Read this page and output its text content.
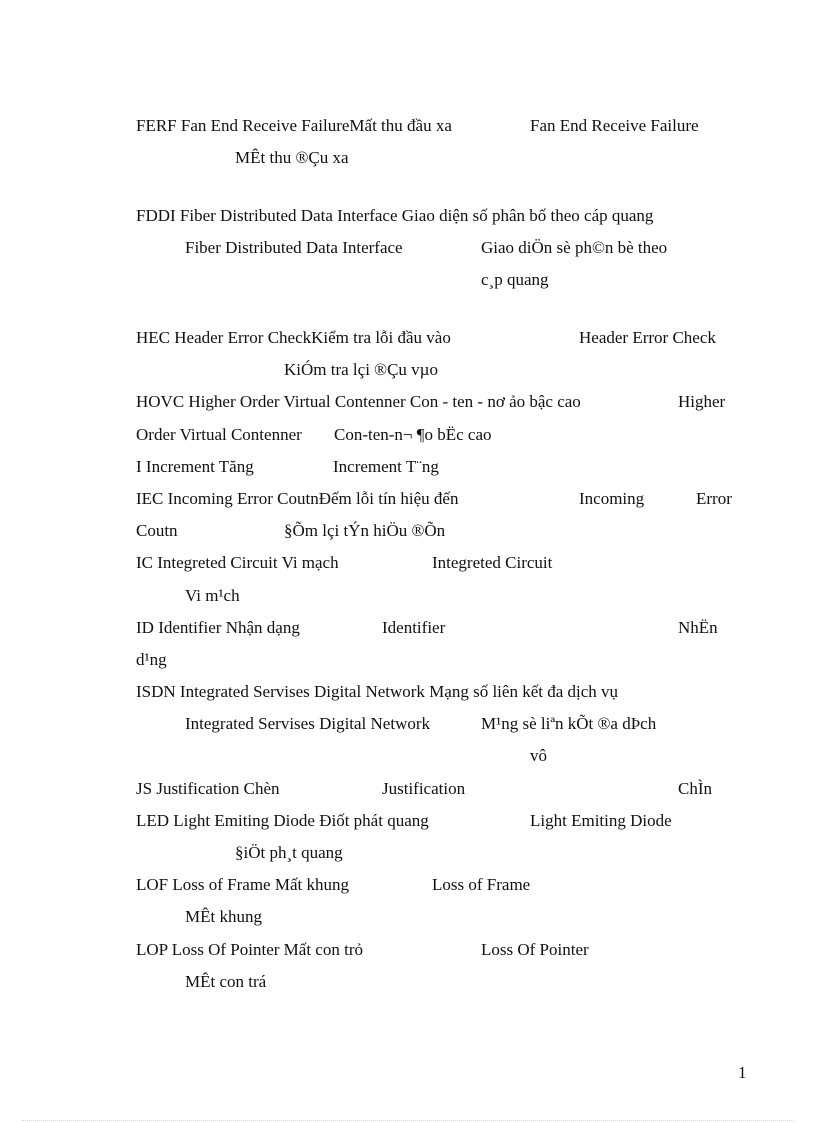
FERF Fan End Receive FailureMất thu đầu xa	Fan End Receive Failure
MÊt thu ®Çu xa
FDDI Fiber Distributed Data Interface Giao diện số phân bố theo cáp quang
Fiber Distributed Data Interface	Giao diÖn sè ph©n bè theo
c¸p quang
HEC Header Error CheckKiểm tra lỗi đầu vào	Header Error Check
KiÓm tra lçi ®Çu vµo
HOVC Higher Order Virtual Contenner Con - ten - nơ ảo bậc cao	Higher
Order Virtual Contenner Con-ten-n¬ ¶o bËc cao
I Increment Tăng	Increment T¨ng
IEC Incoming Error CoutnĐếm lỗi tín hiệu đến	Incoming	Error
Coutn	§Õm lçi tÝn hiÖu ®Õn
IC Integreted Circuit Vi mạch	Integreted Circuit
Vi m¹ch
ID Identifier Nhận dạng	Identifier	NhËn
d¹ng
ISDN Integrated Servises Digital Network Mạng số liên kết đa dịch vụ
Integrated Servises Digital Network	M¹ng sè liªn kÕt ®a dÞch
vô
JS Justification Chèn	Justification	ChÌn
LED Light Emiting Diode Điốt phát quang	Light Emiting Diode
§iÖt ph¸t quang
LOF Loss of Frame Mất khung	Loss of Frame
MÊt khung
LOP Loss Of Pointer Mất con trỏ	Loss Of Pointer
MÊt con trá
1
